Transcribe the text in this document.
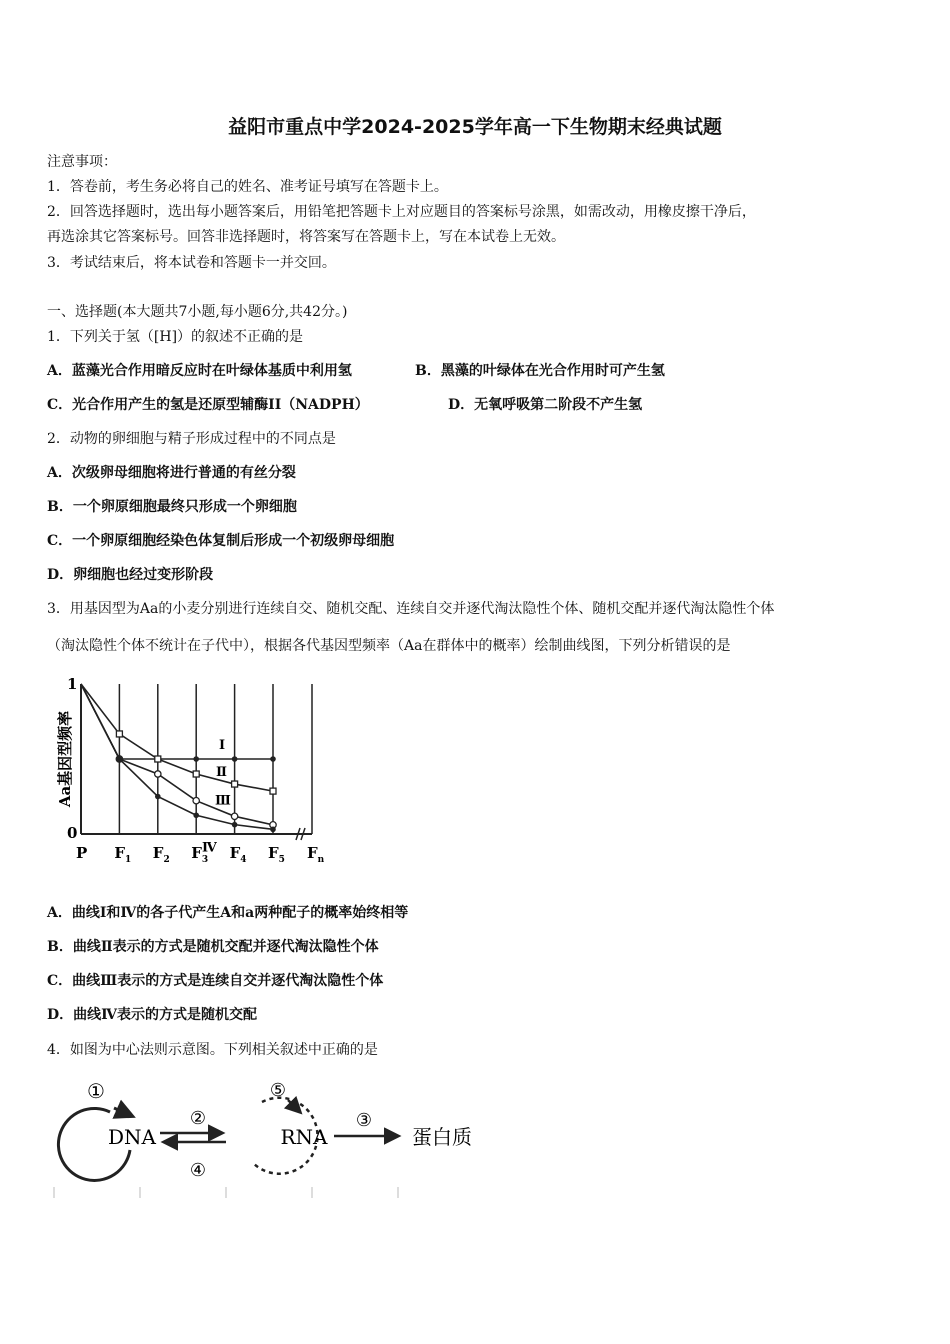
益阳市重点中学2024-2025学年高一下生物期末经典试题
注意事项：
1．答卷前，考生务必将自己的姓名、准考证号填写在答题卡上。
2．回答选择题时，选出每小题答案后，用铅笔把答题卡上对应题目的答案标号涂黑，如需改动，用橡皮擦干净后，
再选涂其它答案标号。回答非选择题时，将答案写在答题卡上，写在本试卷上无效。
3．考试结束后，将本试卷和答题卡一并交回。
一、选择题(本大题共7小题,每小题6分,共42分。)
1．下列关于氢（[H]）的叙述不正确的是
A．蓝藻光合作用暗反应时在叶绿体基质中利用氢	B．黑藻的叶绿体在光合作用时可产生氢
C．光合作用产生的氢是还原型辅酶II（NADPH）	D．无氧呼吸第二阶段不产生氢
2．动物的卵细胞与精子形成过程中的不同点是
A．次级卵母细胞将进行普通的有丝分裂
B．一个卵原细胞最终只形成一个卵细胞
C．一个卵原细胞经染色体复制后形成一个初级卵母细胞
D．卵细胞也经过变形阶段
3．用基因型为Aa的小麦分别进行连续自交、随机交配、连续自交并逐代淘汰隐性个体、随机交配并逐代淘汰隐性个体
（淘汰隐性个体不统计在子代中），根据各代基因型频率（Aa在群体中的概率）绘制曲线图，下列分析错误的是
1
0
Aa基因型频率
P $F_1$ $F_2$ $F_3$ $F_4$ $F_5$ $F_n$
Ⅰ
Ⅱ
Ⅲ
Ⅳ
A．曲线Ⅰ和Ⅳ的各子代产生A和a两种配子的概率始终相等
B．曲线Ⅱ表示的方式是随机交配并逐代淘汰隐性个体
C．曲线Ⅲ表示的方式是连续自交并逐代淘汰隐性个体
D．曲线Ⅳ表示的方式是随机交配
4．如图为中心法则示意图。下列相关叙述中正确的是
①
DNA
②
④
⑤
RNA
③
蛋白质
